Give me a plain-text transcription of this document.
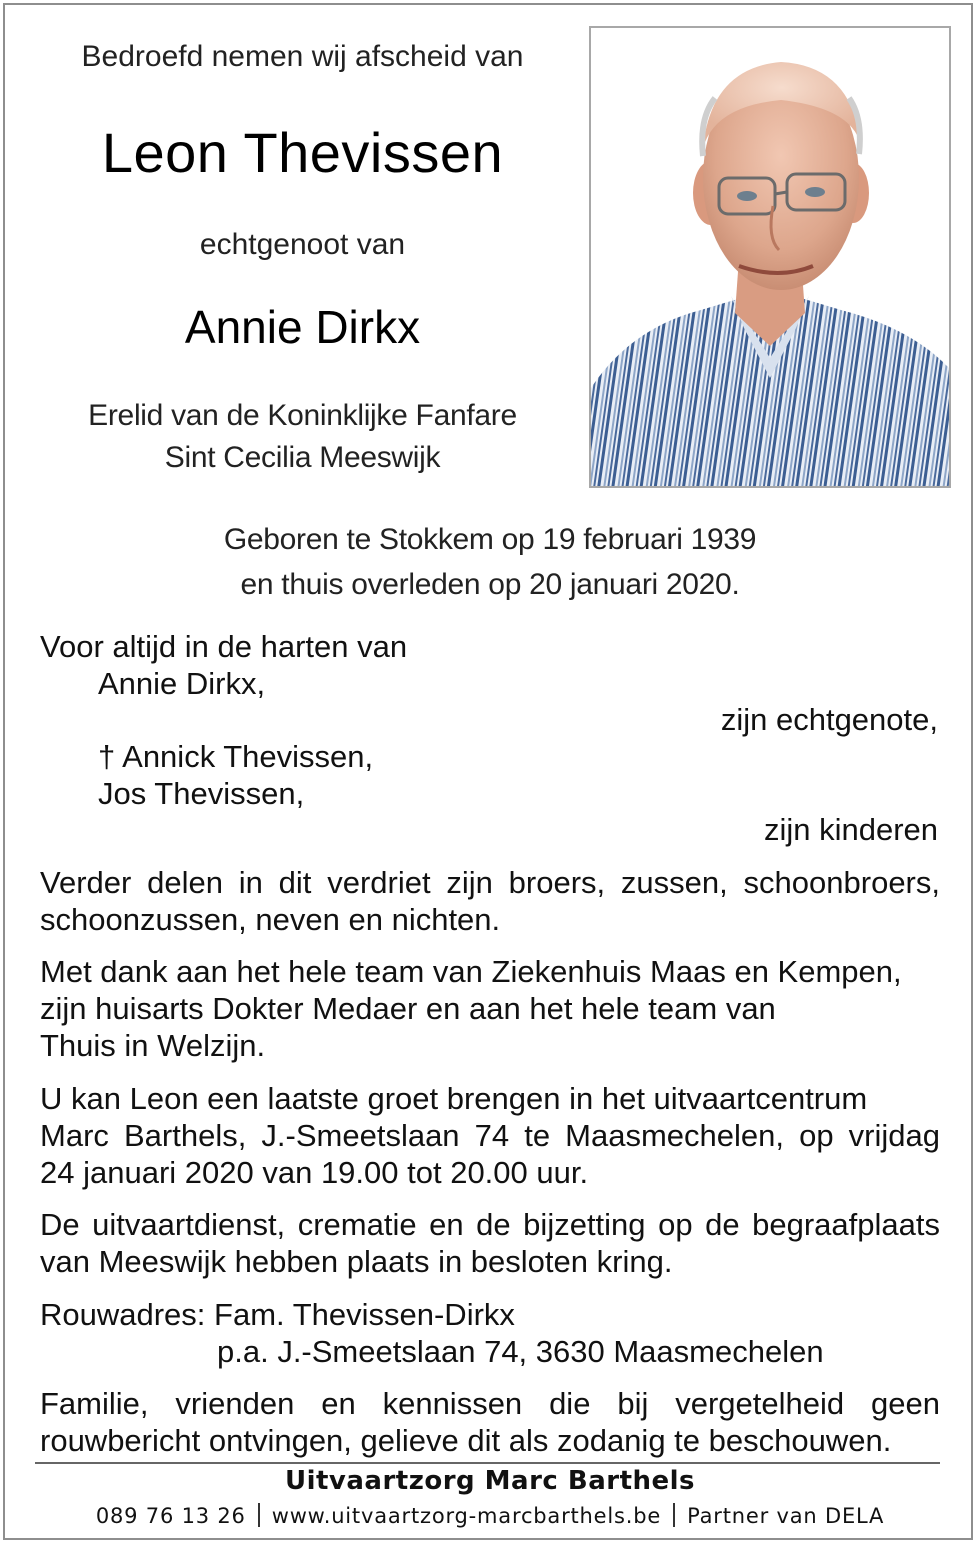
Bedroefd nemen wij afscheid van
Leon Thevissen
echtgenoot van
Annie Dirkx
Erelid van de Koninklijke Fanfare
Sint Cecilia Meeswijk
Geboren te Stokkem op 19 februari 1939
en thuis overleden op 20 januari 2020.
Voor altijd in de harten van
Annie Dirkx,
zijn echtgenote,
† Annick Thevissen,
Jos Thevissen,
zijn kinderen
Verder delen in dit verdriet zijn broers, zussen, schoonbroers,
schoonzussen, neven en nichten.
Met dank aan het hele team van Ziekenhuis Maas en Kempen,
zijn huisarts Dokter Medaer en aan het hele team van
Thuis in Welzijn.
U kan Leon een laatste groet brengen in het uitvaartcentrum
Marc Barthels, J.-Smeetslaan 74 te Maasmechelen, op vrijdag
24 januari 2020 van 19.00 tot 20.00 uur.
De uitvaartdienst, crematie en de bijzetting op de begraafplaats
van Meeswijk hebben plaats in besloten kring.
Rouwadres: Fam. Thevissen-Dirkx
p.a. J.-Smeetslaan 74, 3630 Maasmechelen
Familie, vrienden en kennissen die bij vergetelheid geen
rouwbericht ontvingen, gelieve dit als zodanig te beschouwen.
Uitvaartzorg Marc Barthels
089 76 13 26 www.uitvaartzorg-marcbarthels.be Partner van DELA
